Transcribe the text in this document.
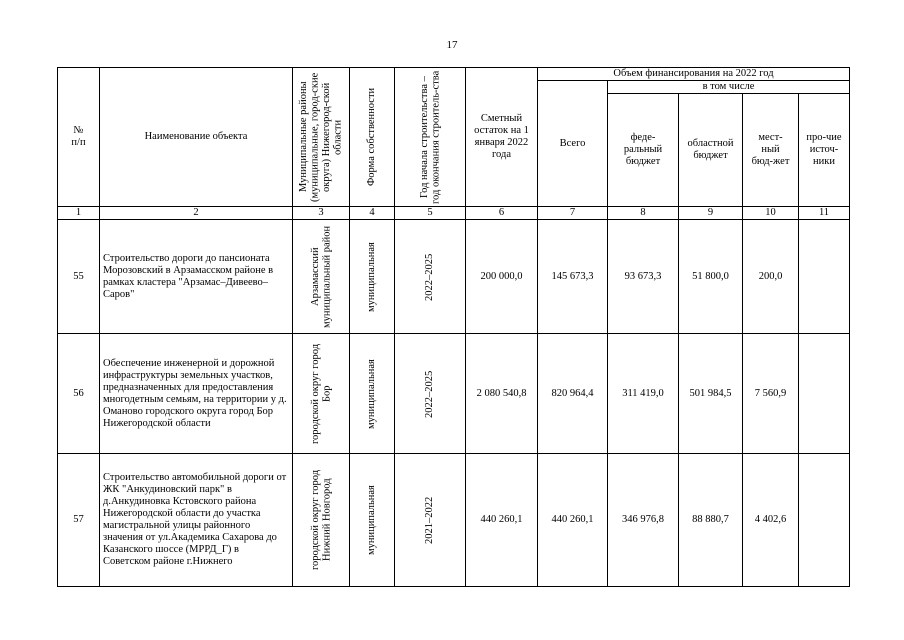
17
№
п/п	Наименование объекта	Муниципальные районы (муниципальные, город-ские округа) Нижегород-ской области	Форма собственности	Год начала строительства – год окончания строитель-ства	Сметный остаток на 1 января 2022 года	Объем финансирования на 2022 год				
						Всего	в том числе			
							феде-ральный бюджет	областной бюджет	мест-ный бюд-жет	про-чие источ-ники
1	2	3	4	5	6	7	8	9	10	11
55	Строительство дороги до пансионата Морозовский в Арзамасском районе в рамках кластера "Арзамас–Дивеево–Саров"	Арзамасский муниципальный район	муниципальная	2022–2025	200 000,0	145 673,3	93 673,3	51 800,0	200,0	
56	Обеспечение инженерной и дорожной инфраструктуры земельных участков, предназначенных для предоставления многодетным семьям, на территории у д. Оманово городского округа город Бор Нижегородской области	городской округ город Бор	муниципальная	2022–2025	2 080 540,8	820 964,4	311 419,0	501 984,5	7 560,9	
57	Строительство автомобильной дороги от ЖК "Анкудиновский парк" в д.Анкудиновка Кстовского района Нижегородской области до участка магистральной улицы районного значения от ул.Академика Сахарова до Казанского шоссе (МРРД_Г) в Советском районе г.Нижнего	городской округ город Нижний Новгород	муниципальная	2021–2022	440 260,1	440 260,1	346 976,8	88 880,7	4 402,6	
